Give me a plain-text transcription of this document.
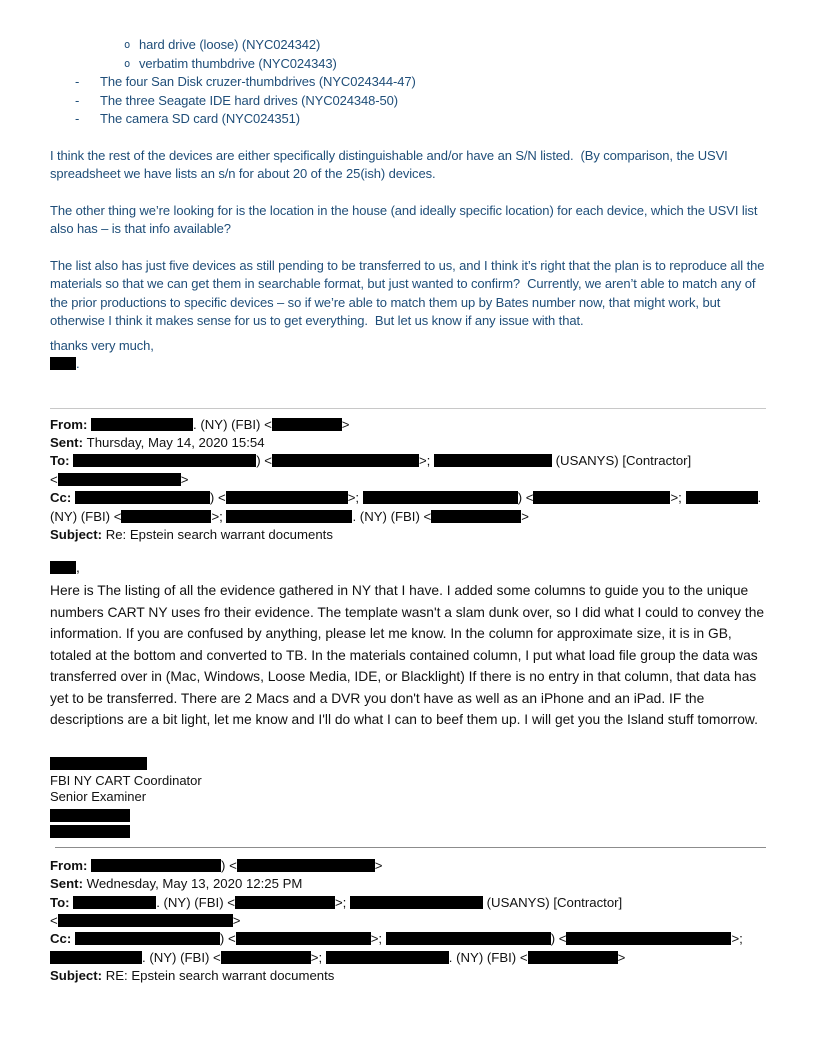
o hard drive (loose) (NYC024342)
o verbatim thumbdrive (NYC024343)
-	The four San Disk cruzer-thumbdrives (NYC024344-47)
-	The three Seagate IDE hard drives (NYC024348-50)
-	The camera SD card (NYC024351)

I think the rest of the devices are either specifically distinguishable and/or have an S/N listed.  (By comparison, the USVI spreadsheet we have lists an s/n for about 20 of the 25(ish) devices.

The other thing we’re looking for is the location in the house (and ideally specific location) for each device, which the USVI list also has – is that info available?

The list also has just five devices as still pending to be transferred to us, and I think it’s right that the plan is to reproduce all the materials so that we can get them in searchable format, but just wanted to confirm?  Currently, we aren’t able to match any of the prior productions to specific devices – so if we’re able to match them up by Bates number now, that might work, but otherwise I think it makes sense for us to get everything.  But let us know if any issue with that.

thanks very much,

.
From:	. (NY) (FBI) <	>
Sent: Thursday, May 14, 2020 15:54
To:	) <	>;	(USANYS) [Contractor]
<	>
Cc:	) <	>;	) <	>;	.
(NY) (FBI) <	>;	. (NY) (FBI) <	>
Subject: Re: Epstein search warrant documents
,

Here is The listing of all the evidence gathered in NY that I have. I added some columns to guide you to the unique numbers CART NY uses fro their evidence. The template wasn't a slam dunk over, so I did what I could to convey the information. If you are confused by anything, please let me know. In the column for approximate size, it is in GB, totaled at the bottom and converted to TB. In the materials contained column, I put what load file group the data was transferred over in (Mac, Windows, Loose Media, IDE, or Blacklight) If there is no entry in that column, that data has yet to be transferred. There are 2 Macs and a DVR you don't have as well as an iPhone and an iPad. IF the descriptions are a bit light, let me know and I'll do what I can to beef them up. I will get you the Island stuff tomorrow.

FBI NY CART Coordinator
Senior Examiner
From:	) <	>
Sent: Wednesday, May 13, 2020 12:25 PM
To:	. (NY) (FBI) <	>;	(USANYS) [Contractor]
<	>
Cc:	) <	>;	) <	>;
. (NY) (FBI) <	>;	. (NY) (FBI) <	>
Subject: RE: Epstein search warrant documents
